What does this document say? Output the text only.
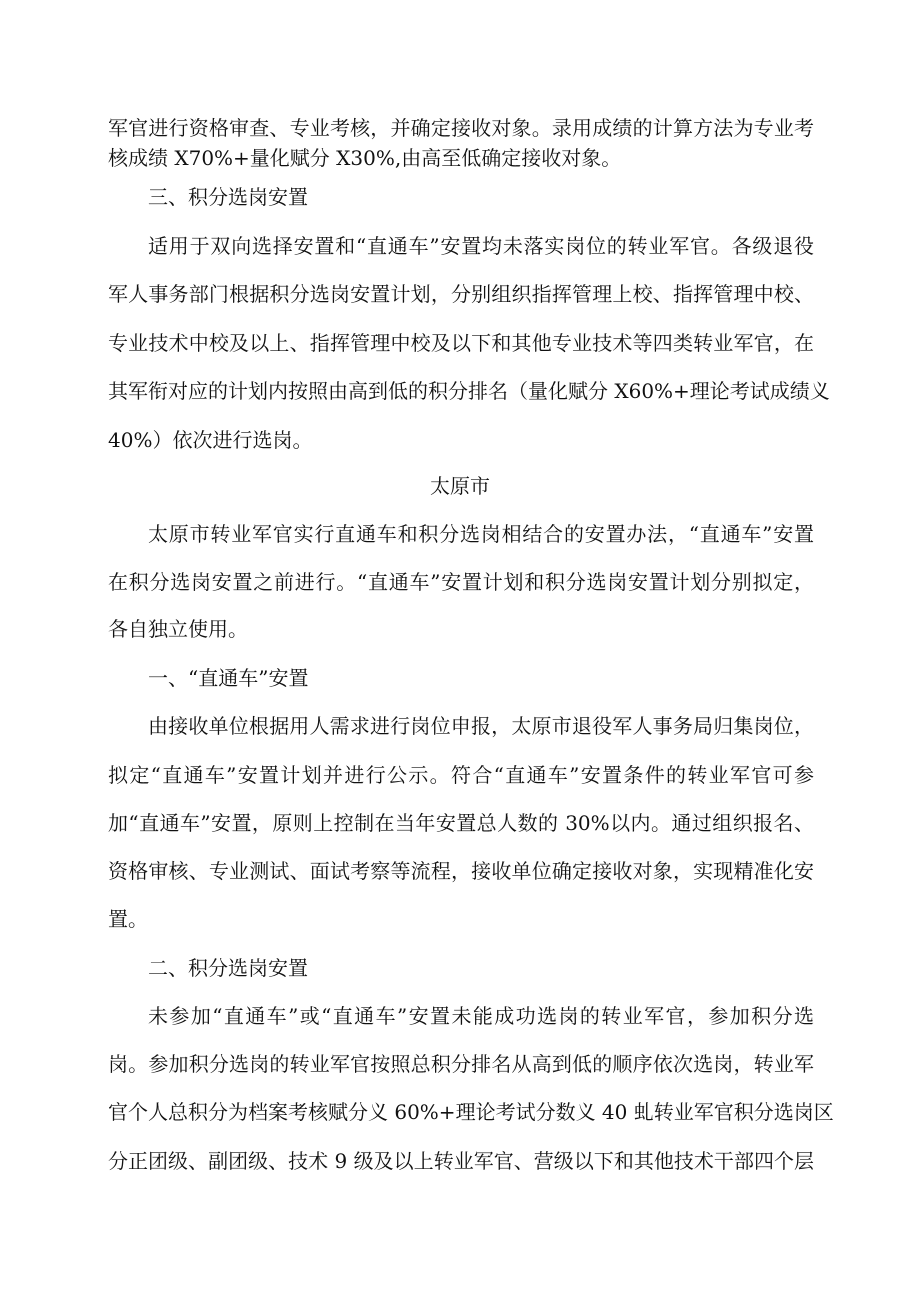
军官进行资格审查、专业考核，并确定接收对象。录用成绩的计算方法为专业考
核成绩 X70%+量化赋分 X30%,由高至低确定接收对象。
三、积分选岗安置
适用于双向选择安置和“直通车”安置均未落实岗位的转业军官。各级退役
军人事务部门根据积分选岗安置计划，分别组织指挥管理上校、指挥管理中校、
专业技术中校及以上、指挥管理中校及以下和其他专业技术等四类转业军官，在
其军衔对应的计划内按照由高到低的积分排名（量化赋分 X60%+理论考试成绩义
40%）依次进行选岗。
太原市
太原市转业军官实行直通车和积分选岗相结合的安置办法，“直通车”安置
在积分选岗安置之前进行。“直通车”安置计划和积分选岗安置计划分别拟定，
各自独立使用。
一、“直通车”安置
由接收单位根据用人需求进行岗位申报，太原市退役军人事务局归集岗位，
拟定“直通车”安置计划并进行公示。符合“直通车”安置条件的转业军官可参
加“直通车”安置，原则上控制在当年安置总人数的 30%以内。通过组织报名、
资格审核、专业测试、面试考察等流程，接收单位确定接收对象，实现精准化安
置。
二、积分选岗安置
未参加“直通车”或“直通车”安置未能成功选岗的转业军官，参加积分选
岗。参加积分选岗的转业军官按照总积分排名从高到低的顺序依次选岗，转业军
官个人总积分为档案考核赋分义 60%+理论考试分数义 40 虬转业军官积分选岗区
分正团级、副团级、技术 9 级及以上转业军官、营级以下和其他技术干部四个层
